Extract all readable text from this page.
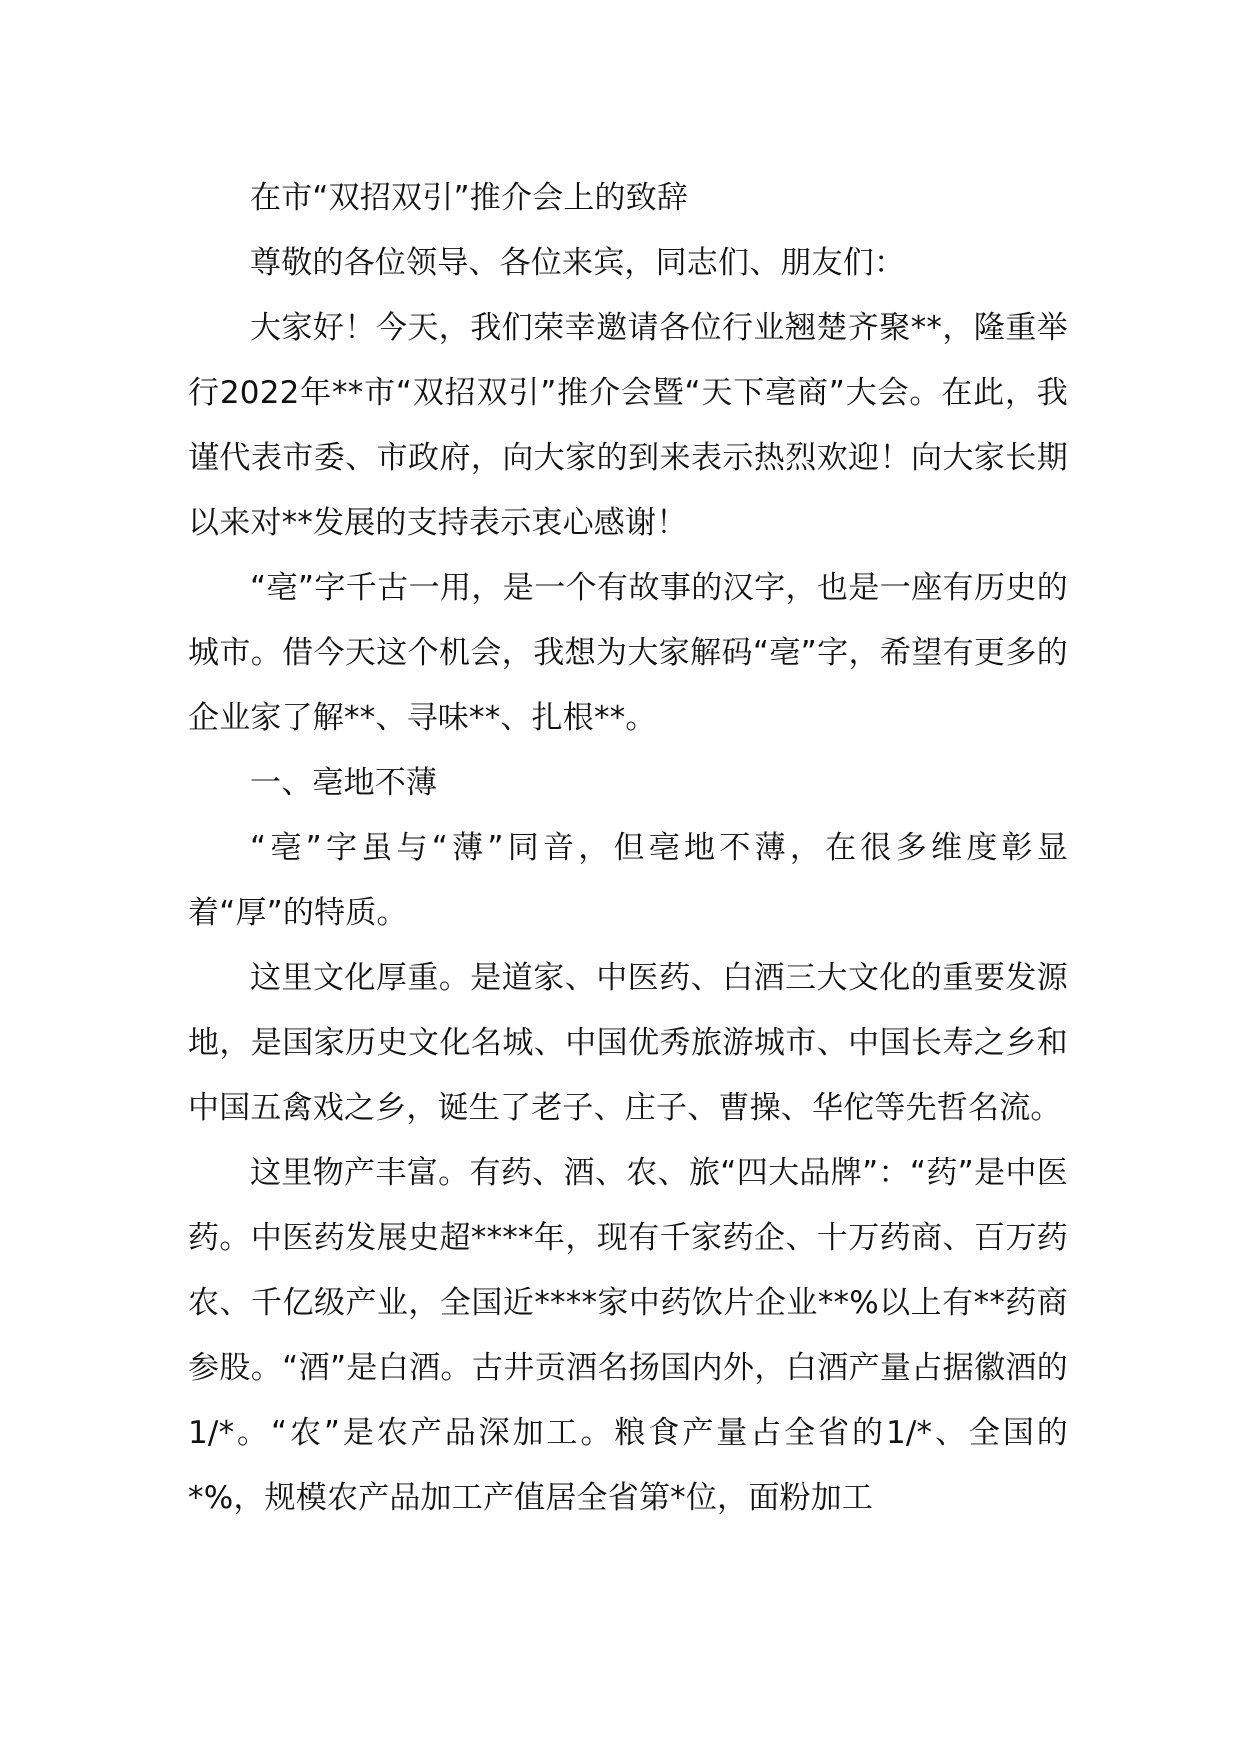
在市“双招双引”推介会上的致辞

尊敬的各位领导、各位来宾，同志们、朋友们：

大家好！今天，我们荣幸邀请各位行业翘楚齐聚**，隆重举行2022年**市“双招双引”推介会暨“天下亳商”大会。在此，我谨代表市委、市政府，向大家的到来表示热烈欢迎！向大家长期以来对**发展的支持表示衷心感谢！

“亳”字千古一用，是一个有故事的汉字，也是一座有历史的城市。借今天这个机会，我想为大家解码“亳”字，希望有更多的企业家了解**、寻味**、扎根**。

一、亳地不薄

“亳”字虽与“薄”同音，但亳地不薄，在很多维度彰显着“厚”的特质。

这里文化厚重。是道家、中医药、白酒三大文化的重要发源地，是国家历史文化名城、中国优秀旅游城市、中国长寿之乡和中国五禽戏之乡，诞生了老子、庄子、曹操、华佗等先哲名流。

这里物产丰富。有药、酒、农、旅“四大品牌”：“药”是中医药。中医药发展史超****年，现有千家药企、十万药商、百万药农、千亿级产业，全国近****家中药饮片企业**%以上有**药商参股。“酒”是白酒。古井贡酒名扬国内外，白酒产量占据徽酒的1/*。“农”是农产品深加工。粮食产量占全省的1/*、全国的*%，规模农产品加工产值居全省第*位，面粉加工
